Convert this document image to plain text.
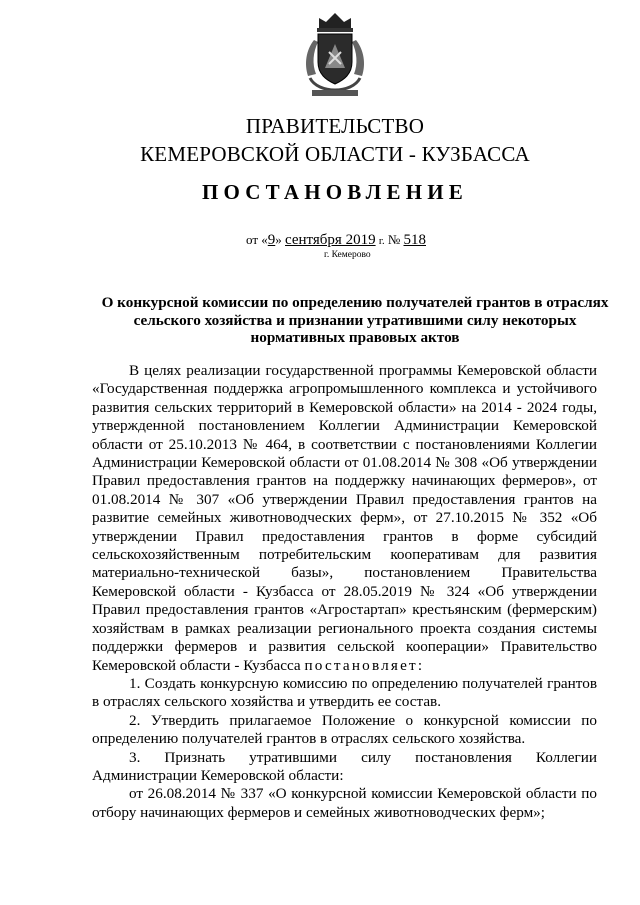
ПРАВИТЕЛЬСТВО
КЕМЕРОВСКОЙ ОБЛАСТИ - КУЗБАССА
ПОСТАНОВЛЕНИЕ
от «9» сентября 2019 г. № 518
г. Кемерово
О конкурсной комиссии по определению получателей грантов в отраслях сельского хозяйства и признании утратившими силу некоторых нормативных правовых актов

В целях реализации государственной программы Кемеровской области «Государственная поддержка агропромышленного комплекса и устойчивого развития сельских территорий в Кемеровской области» на 2014 - 2024 годы, утвержденной постановлением Коллегии Администрации Кемеровской области от 25.10.2013 № 464, в соответствии с постановлениями Коллегии Администрации Кемеровской области от 01.08.2014 № 308 «Об утверждении Правил предоставления грантов на поддержку начинающих фермеров», от 01.08.2014 № 307 «Об утверждении Правил предоставления грантов на развитие семейных животноводческих ферм», от 27.10.2015 № 352 «Об утверждении Правил предоставления грантов в форме субсидий сельскохозяйственным потребительским кооперативам для развития материально-технической базы», постановлением Правительства Кемеровской области - Кузбасса от 28.05.2019 № 324 «Об утверждении Правил предоставления грантов «Агростартап» крестьянским (фермерским) хозяйствам в рамках реализации регионального проекта создания системы поддержки фермеров и развития сельской кооперации» Правительство Кемеровской области - Кузбасса постановляет:

1. Создать конкурсную комиссию по определению получателей грантов в отраслях сельского хозяйства и утвердить ее состав.

2. Утвердить прилагаемое Положение о конкурсной комиссии по определению получателей грантов в отраслях сельского хозяйства.

3. Признать утратившими силу постановления Коллегии Администрации Кемеровской области:

от 26.08.2014 № 337 «О конкурсной комиссии Кемеровской области по отбору начинающих фермеров и семейных животноводческих ферм»;
